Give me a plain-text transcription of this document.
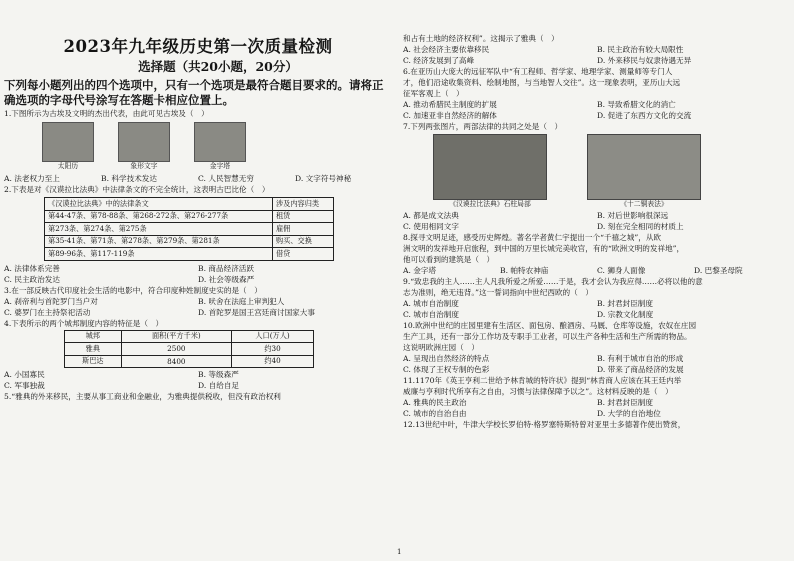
2023年九年级历史第一次质量检测
选择题（共20小题，20分）
下列每小题列出的四个选项中，只有一个选项是最符合题目要求的。请将正确选项的字母代号涂写在答题卡相应位置上。

1.下图所示为古埃及文明的杰出代表，由此可见古埃及（　）

太阳历	象形文字	金字塔
A. 法老权力至上	B. 科学技术发达	C. 人民智慧无穷	D. 文字符号神秘

2.下表是对《汉谟拉比法典》中法律条文的不完全统计，这表明古巴比伦（　）

《汉谟拉比法典》中的法律条文	涉及内容归类
第44-47条、第78-88条、第268-272条、第276-277条	租赁
第273条、第274条、第275条	雇佣
第35-41条、第71条、第278条、第279条、第281条	购买、交换
第89-96条、第117-119条	借贷
A. 法律体系完善	B. 商品经济活跃
C. 民主政治发达	D. 社会等级森严

3.在一部反映古代印度社会生活的电影中，符合印度种姓制度史实的是（　）

A. 刹帝利与首陀罗门当户对	B. 吠舍在法庭上审判犯人
C. 婆罗门在主持祭祀活动	D. 首陀罗是国王宫廷商讨国家大事

4.下表所示的两个城邦制度内容的特征是（　）

城邦	面积(平方千米)	人口(万人)
雅典	2500	约30
斯巴达	8400	约40
A. 小国寡民	B. 等级森严
C. 军事独裁	D. 自给自足

5.“雅典的外来移民，主要从事工商业和金融业，为雅典提供税收，但没有政治权利

和占有土地的经济权利”。这揭示了雅典（　）

A. 社会经济主要依靠移民	B. 民主政治有较大局限性
C. 经济发展到了高峰	D. 外来移民与奴隶待遇无异

6.在亚历山大庞大的远征军队中“有工程师、哲学家、地理学家、测量师等专门人

才，他们沿途收集资料、绘制地图，与当地智人交往”。这一现象表明，亚历山大远

征军客观上（　）

A. 推动希腊民主制度的扩展	B. 导致希腊文化的消亡
C. 加速亚非自然经济的解体	D. 促进了东西方文化的交流

7.下列两张图片，两部法律的共同之处是（　）

《汉谟拉比法典》石柱局部	《十二铜表法》
A. 都是成文法典	B. 对后世影响很深远
C. 使用相同文字	D. 刻在完全相同的材质上

8.探寻文明足迹，感受历史辉煌。著名学者黄仁宇提出一个“千禧之城”，从欧

洲文明的发祥地开启旅程，到中国的万里长城完美收官，有的“欧洲文明的发祥地”，

他可以看到的建筑是（　）

A. 金字塔	B. 帕特农神庙	C. 狮身人面像	D. 巴黎圣母院

9.“致忠我的主人……主人凡我所爱之所爱……于是，我才会认为我应得……必将以他的意

志为准则，绝无违背。”这一誓词指向中世纪西欧的（　）

A. 城市自治制度	B. 封君封臣制度
C. 城市自治制度	D. 宗教文化制度

10.欧洲中世纪的庄园里建有生活区、面包房、酿酒房、马厩、仓库等设施，农奴在庄园

生产工具，还有一部分工作坊及专职手工业者，可以生产各种生活和生产所需的物品。

这说明欧洲庄园（　）

A. 呈现出自然经济的特点	B. 有利于城市自治的形成
C. 体现了王权专制的色彩	D. 带来了商品经济的发展

11.1170年《英王亨利二世给予林肯城的特许状》提到“林肯商人应该在其王廷内举

威廉与亨利时代所享有之自由，习惯与法律保障予以之”。这材料反映的是（　）

A. 雅典的民主政治	B. 封君封臣制度
C. 城市的自治自由	D. 大学的自治地位

12.13世纪中叶，牛津大学校长罗伯特·格罗塞特斯特曾对亚里士多德著作使出赞赏，

1
